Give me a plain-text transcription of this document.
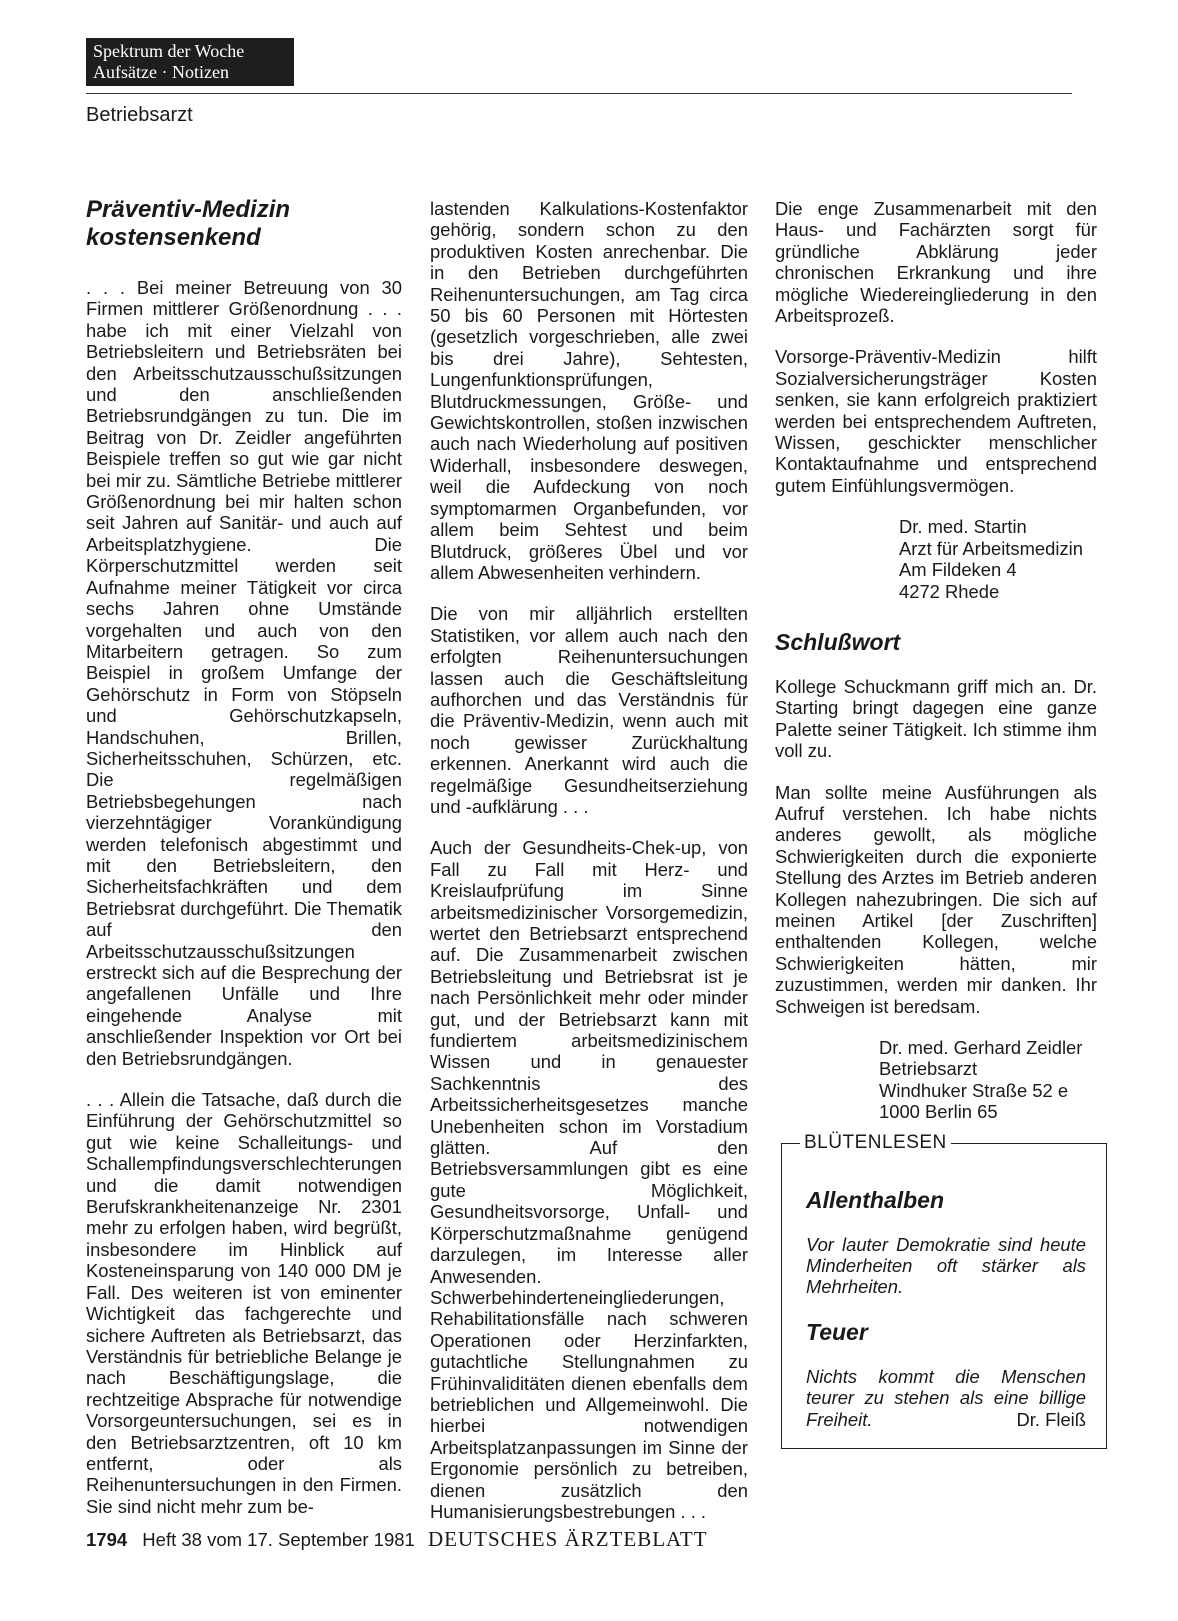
Spektrum der Woche
Aufsätze · Notizen
Betriebsarzt
Präventiv-Medizin
kostensenkend

. . . Bei meiner Betreuung von 30 Firmen mittlerer Größenordnung . . . habe ich mit einer Vielzahl von Betriebsleitern und Betriebsräten bei den Arbeitsschutzausschußsitzungen und den anschließenden Betriebsrundgängen zu tun. Die im Beitrag von Dr. Zeidler angeführten Beispiele treffen so gut wie gar nicht bei mir zu. Sämtliche Betriebe mittlerer Größenordnung bei mir halten schon seit Jahren auf Sanitär- und auch auf Arbeitsplatzhygiene. Die Körperschutzmittel werden seit Aufnahme meiner Tätigkeit vor circa sechs Jahren ohne Umstände vorgehalten und auch von den Mitarbeitern getragen. So zum Beispiel in großem Umfange der Gehörschutz in Form von Stöpseln und Gehörschutzkapseln, Handschuhen, Brillen, Sicherheitsschuhen, Schürzen, etc. Die regelmäßigen Betriebsbegehungen nach vierzehntägiger Vorankündigung werden telefonisch abgestimmt und mit den Betriebsleitern, den Sicherheitsfachkräften und dem Betriebsrat durchgeführt. Die Thematik auf den Arbeitsschutzausschußsitzungen erstreckt sich auf die Besprechung der angefallenen Unfälle und Ihre eingehende Analyse mit anschließender Inspektion vor Ort bei den Betriebsrundgängen.

. . . Allein die Tatsache, daß durch die Einführung der Gehörschutzmittel so gut wie keine Schalleitungs- und Schallempfindungsverschlechterungen und die damit notwendigen Berufskrankheitenanzeige Nr. 2301 mehr zu erfolgen haben, wird begrüßt, insbesondere im Hinblick auf Kosteneinsparung von 140 000 DM je Fall. Des weiteren ist von eminenter Wichtigkeit das fachgerechte und sichere Auftreten als Betriebsarzt, das Verständnis für betriebliche Belange je nach Beschäftigungslage, die rechtzeitige Absprache für notwendige Vorsorgeuntersuchungen, sei es in den Betriebsarztzentren, oft 10 km entfernt, oder als Reihenuntersuchungen in den Firmen. Sie sind nicht mehr zum be-

lastenden Kalkulations-Kostenfaktor gehörig, sondern schon zu den produktiven Kosten anrechenbar. Die in den Betrieben durchgeführten Reihenuntersuchungen, am Tag circa 50 bis 60 Personen mit Hörtesten (gesetzlich vorgeschrieben, alle zwei bis drei Jahre), Sehtesten, Lungenfunktionsprüfungen, Blutdruckmessungen, Größe- und Gewichtskontrollen, stoßen inzwischen auch nach Wiederholung auf positiven Widerhall, insbesondere deswegen, weil die Aufdeckung von noch symptomarmen Organbefunden, vor allem beim Sehtest und beim Blutdruck, größeres Übel und vor allem Abwesenheiten verhindern.

Die von mir alljährlich erstellten Statistiken, vor allem auch nach den erfolgten Reihenuntersuchungen lassen auch die Geschäftsleitung aufhorchen und das Verständnis für die Präventiv-Medizin, wenn auch mit noch gewisser Zurückhaltung erkennen. Anerkannt wird auch die regelmäßige Gesundheitserziehung und -aufklärung . . .

Auch der Gesundheits-Chek-up, von Fall zu Fall mit Herz- und Kreislaufprüfung im Sinne arbeitsmedizinischer Vorsorgemedizin, wertet den Betriebsarzt entsprechend auf. Die Zusammenarbeit zwischen Betriebsleitung und Betriebsrat ist je nach Persönlichkeit mehr oder minder gut, und der Betriebsarzt kann mit fundiertem arbeitsmedizinischem Wissen und in genauester Sachkenntnis des Arbeitssicherheitsgesetzes manche Unebenheiten schon im Vorstadium glätten. Auf den Betriebsversammlungen gibt es eine gute Möglichkeit, Gesundheitsvorsorge, Unfall- und Körperschutzmaßnahme genügend darzulegen, im Interesse aller Anwesenden. Schwerbehinderteneingliederungen, Rehabilitationsfälle nach schweren Operationen oder Herzinfarkten, gutachtliche Stellungnahmen zu Frühinvaliditäten dienen ebenfalls dem betrieblichen und Allgemeinwohl. Die hierbei notwendigen Arbeitsplatzanpassungen im Sinne der Ergonomie persönlich zu betreiben, dienen zusätzlich den Humanisierungsbestrebungen . . .

Die enge Zusammenarbeit mit den Haus- und Fachärzten sorgt für gründliche Abklärung jeder chronischen Erkrankung und ihre mögliche Wiedereingliederung in den Arbeitsprozeß.

Vorsorge-Präventiv-Medizin hilft Sozialversicherungsträger Kosten senken, sie kann erfolgreich praktiziert werden bei entsprechendem Auftreten, Wissen, geschickter menschlicher Kontaktaufnahme und entsprechend gutem Einfühlungsvermögen.

Dr. med. Startin
Arzt für Arbeitsmedizin
Am Fildeken 4
4272 Rhede
Schlußwort

Kollege Schuckmann griff mich an. Dr. Starting bringt dagegen eine ganze Palette seiner Tätigkeit. Ich stimme ihm voll zu.

Man sollte meine Ausführungen als Aufruf verstehen. Ich habe nichts anderes gewollt, als mögliche Schwierigkeiten durch die exponierte Stellung des Arztes im Betrieb anderen Kollegen nahezubringen. Die sich auf meinen Artikel [der Zuschriften] enthaltenden Kollegen, welche Schwierigkeiten hätten, mir zuzustimmen, werden mir danken. Ihr Schweigen ist beredsam.

Dr. med. Gerhard Zeidler
Betriebsarzt
Windhuker Straße 52 e
1000 Berlin 65
BLÜTENLESEN

Allenthalben

Vor lauter Demokratie sind heute Minderheiten oft stärker als Mehrheiten.

Teuer

Nichts kommt die Menschen teurer zu stehen als eine billige Freiheit.	Dr. Fleiß

1794 Heft 38 vom 17. September 1981 DEUTSCHES ÄRZTEBLATT
